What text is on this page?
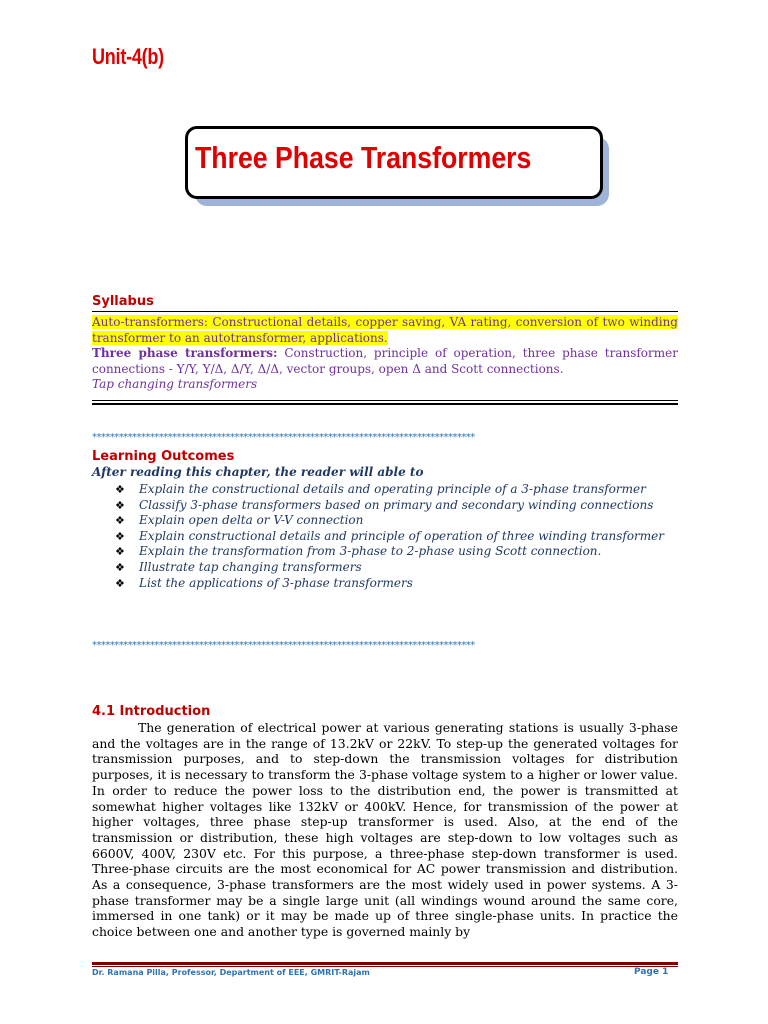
Unit-4(b)
Three Phase Transformers
Syllabus
Auto-transformers: Constructional details, copper saving, VA rating, conversion of two winding transformer to an autotransformer, applications.
Three phase transformers: Construction, principle of operation, three phase transformer connections - Y/Y, Y/Δ, Δ/Y, Δ/Δ, vector groups, open Δ and Scott connections.
Tap changing transformers
**************************************************************************************
Learning Outcomes
After reading this chapter, the reader will able to
❖ Explain the constructional details and operating principle of a 3-phase transformer
❖ Classify 3-phase transformers based on primary and secondary winding connections
❖ Explain open delta or V-V connection
❖ Explain constructional details and principle of operation of three winding transformer
❖ Explain the transformation from 3-phase to 2-phase using Scott connection.
❖ Illustrate tap changing transformers
❖ List the applications of 3-phase transformers
**************************************************************************************
4.1 Introduction

The generation of electrical power at various generating stations is usually 3-phase and the voltages are in the range of 13.2kV or 22kV. To step-up the generated voltages for transmission purposes, and to step-down the transmission voltages for distribution purposes, it is necessary to transform the 3-phase voltage system to a higher or lower value. In order to reduce the power loss to the distribution end, the power is transmitted at somewhat higher voltages like 132kV or 400kV. Hence, for transmission of the power at higher voltages, three phase step-up transformer is used. Also, at the end of the transmission or distribution, these high voltages are step-down to low voltages such as 6600V, 400V, 230V etc. For this purpose, a three-phase step-down transformer is used. Three-phase circuits are the most economical for AC power transmission and distribution. As a consequence, 3-phase transformers are the most widely used in power systems. A 3-phase transformer may be a single large unit (all windings wound around the same core, immersed in one tank) or it may be made up of three single-phase units. In practice the choice between one and another type is governed mainly by

Dr. Ramana Pilla, Professor, Department of EEE, GMRIT-Rajam	Page 1
